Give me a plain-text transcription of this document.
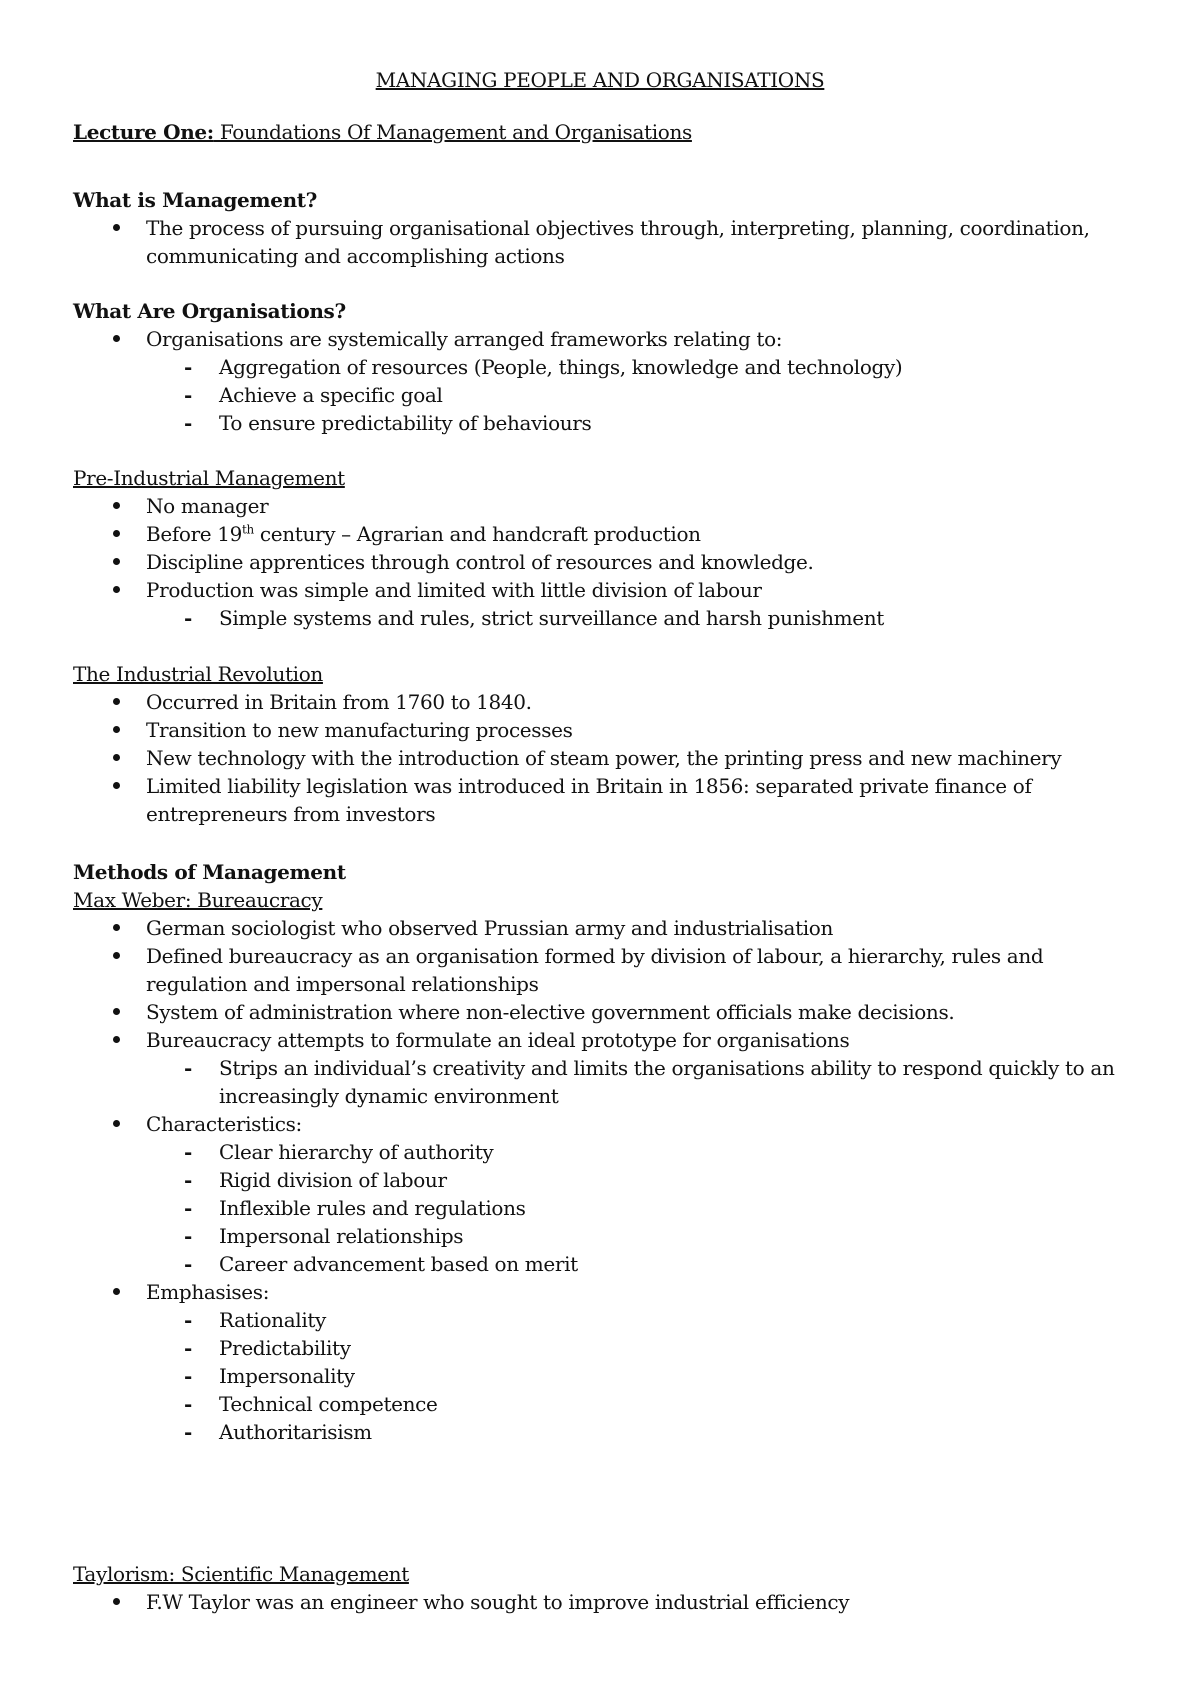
MANAGING PEOPLE AND ORGANISATIONS
Lecture One: Foundations Of Management and Organisations
What is Management?
The process of pursuing organisational objectives through, interpreting, planning, coordination,
communicating and accomplishing actions
What Are Organisations?
Organisations are systemically arranged frameworks relating to:
- Aggregation of resources (People, things, knowledge and technology)
- Achieve a specific goal
- To ensure predictability of behaviours
Pre-Industrial Management
No manager
Before 19th century – Agrarian and handcraft production
Discipline apprentices through control of resources and knowledge.
Production was simple and limited with little division of labour
- Simple systems and rules, strict surveillance and harsh punishment
The Industrial Revolution
Occurred in Britain from 1760 to 1840.
Transition to new manufacturing processes
New technology with the introduction of steam power, the printing press and new machinery
Limited liability legislation was introduced in Britain in 1856: separated private finance of
entrepreneurs from investors
Methods of Management
Max Weber: Bureaucracy
German sociologist who observed Prussian army and industrialisation
Defined bureaucracy as an organisation formed by division of labour, a hierarchy, rules and
regulation and impersonal relationships
System of administration where non-elective government officials make decisions.
Bureaucracy attempts to formulate an ideal prototype for organisations
- Strips an individual’s creativity and limits the organisations ability to respond quickly to an
increasingly dynamic environment
Characteristics:
- Clear hierarchy of authority
- Rigid division of labour
- Inflexible rules and regulations
- Impersonal relationships
- Career advancement based on merit
Emphasises:
- Rationality
- Predictability
- Impersonality
- Technical competence
- Authoritarisism
Taylorism: Scientific Management
F.W Taylor was an engineer who sought to improve industrial efficiency
